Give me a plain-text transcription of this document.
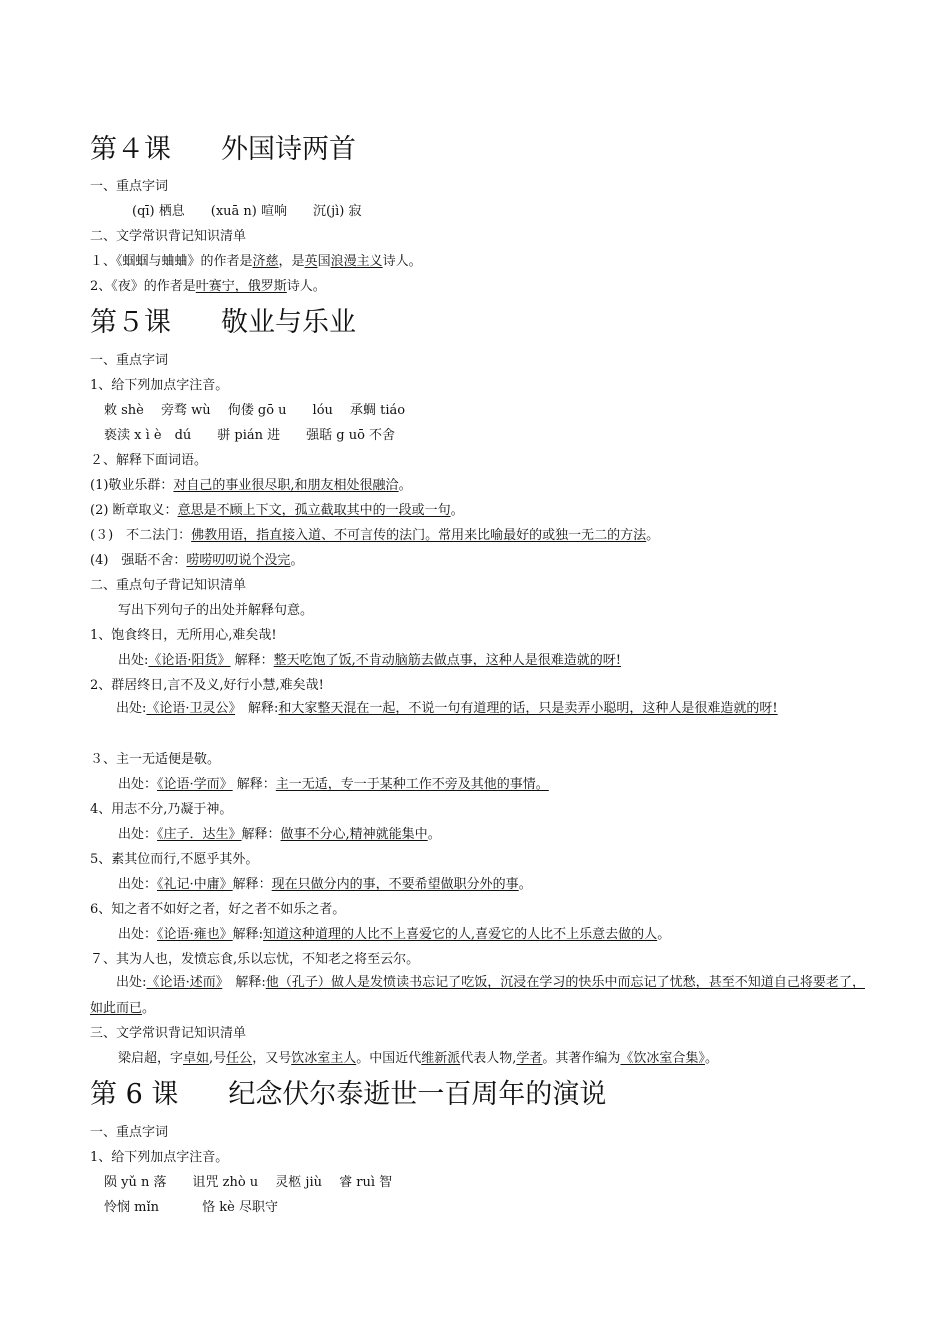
第４课 外国诗两首
一、重点字词
(qī) 栖息　　(xuā n) 喧响　　沉(jì) 寂
二、文学常识背记知识清单
１、《蝈蝈与蛐蛐》的作者是济慈，是英国浪漫主义诗人。
2、《夜》的作者是叶赛宁，俄罗斯诗人。
第５课 敬业与乐业
一、重点字词
1、给下列加点字注音。
敕 shè　 旁骛 wù　 佝偻 gō u　　lóu　 承蜩 tiáo
亵渎 x ì è　dú　　骈 pián 进　　强聒 g uō 不舍
２、解释下面词语。
(1)敬业乐群：对自己的事业很尽职,和朋友相处很融洽。
(2) 断章取义：意思是不顾上下文，孤立截取其中的一段或一句。
(３)　不二法门：佛教用语，指直接入道、不可言传的法门。常用来比喻最好的或独一无二的方法。
(4)　强聒不舍：唠唠叨叨说个没完。
二、重点句子背记知识清单
写出下列句子的出处并解释句意。
1、饱食终日，无所用心,难矣哉!
出处:《论语·阳货》 解释：整天吃饱了饭,不肯动脑筋去做点事，这种人是很难造就的呀!
2、群居终日,言不及义,好行小慧,难矣哉!
出处:《论语·卫灵公》　解释:和大家整天混在一起，不说一句有道理的话，只是卖弄小聪明，这种人是很难造就的呀!
３、主一无适便是敬。
出处：《论语·学而》 解释：主一无适，专一于某种工作不旁及其他的事情。
4、用志不分,乃凝于神。
出处：《庄子．达生》解释：做事不分心,精神就能集中。
5、素其位而行,不愿乎其外。
出处：《礼记·中庸》解释：现在只做分内的事，不要希望做职分外的事。
6、知之者不如好之者，好之者不如乐之者。
出处：《论语·雍也》解释:知道这种道理的人比不上喜爱它的人,喜爱它的人比不上乐意去做的人。
７、其为人也，发愤忘食,乐以忘忧，不知老之将至云尔。
出处:《论语·述而》　解释:他（孔子）做人是发愤读书忘记了吃饭，沉浸在学习的快乐中而忘记了忧愁，甚至不知道自己将要老了，如此而已。
三、文学常识背记知识清单
梁启超，字卓如,号任公，又号饮冰室主人。中国近代维新派代表人物,学者。其著作编为《饮冰室合集》。
第 6 课 纪念伏尔泰逝世一百周年的演说
一、重点字词
1、给下列加点字注音。
陨 yǔ n 落　　诅咒 zhò u　 灵柩 jiù　 睿 ruì 智
怜悯 mǐn　　　 恪 kè 尽职守
